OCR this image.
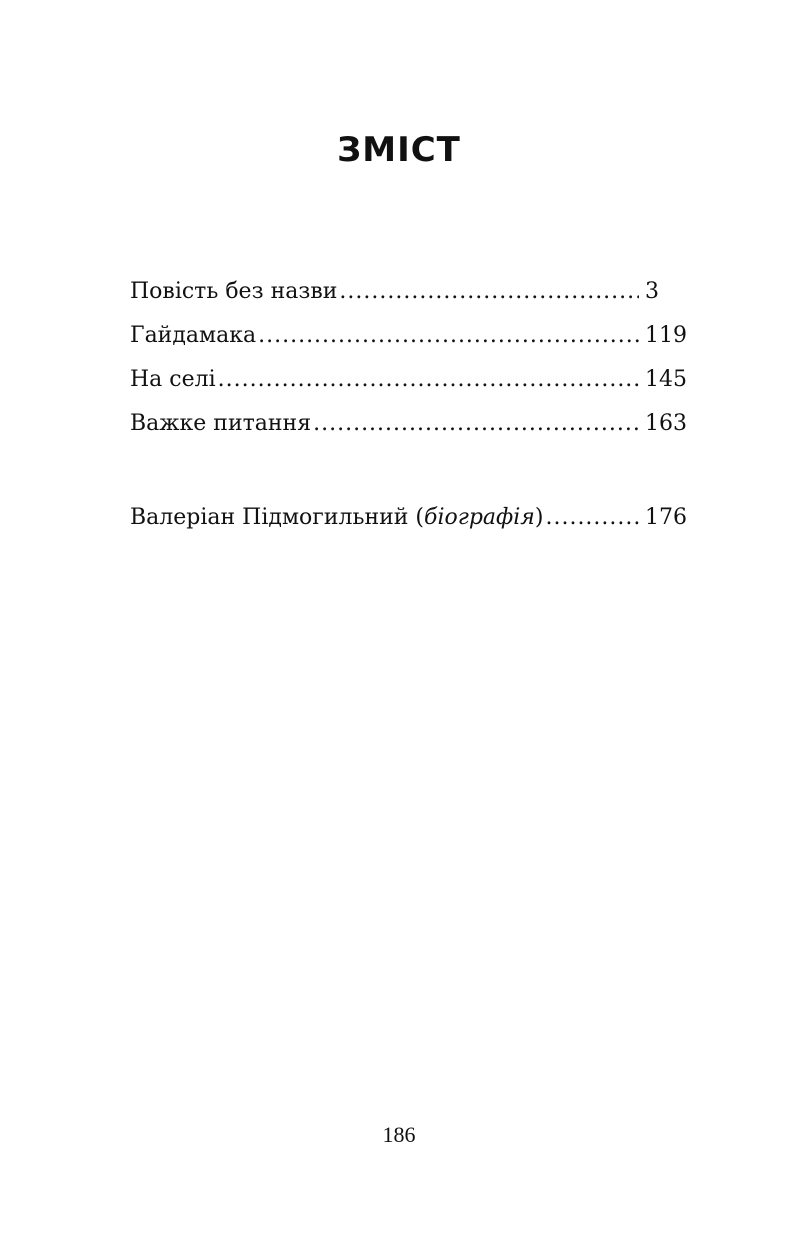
ЗМІСТ
Повість без назви .....	3
Гайдамака .....	119
На селі .....	145
Важке питання .....	163
Валеріан Підмогильний (біографія) .....	176
186
